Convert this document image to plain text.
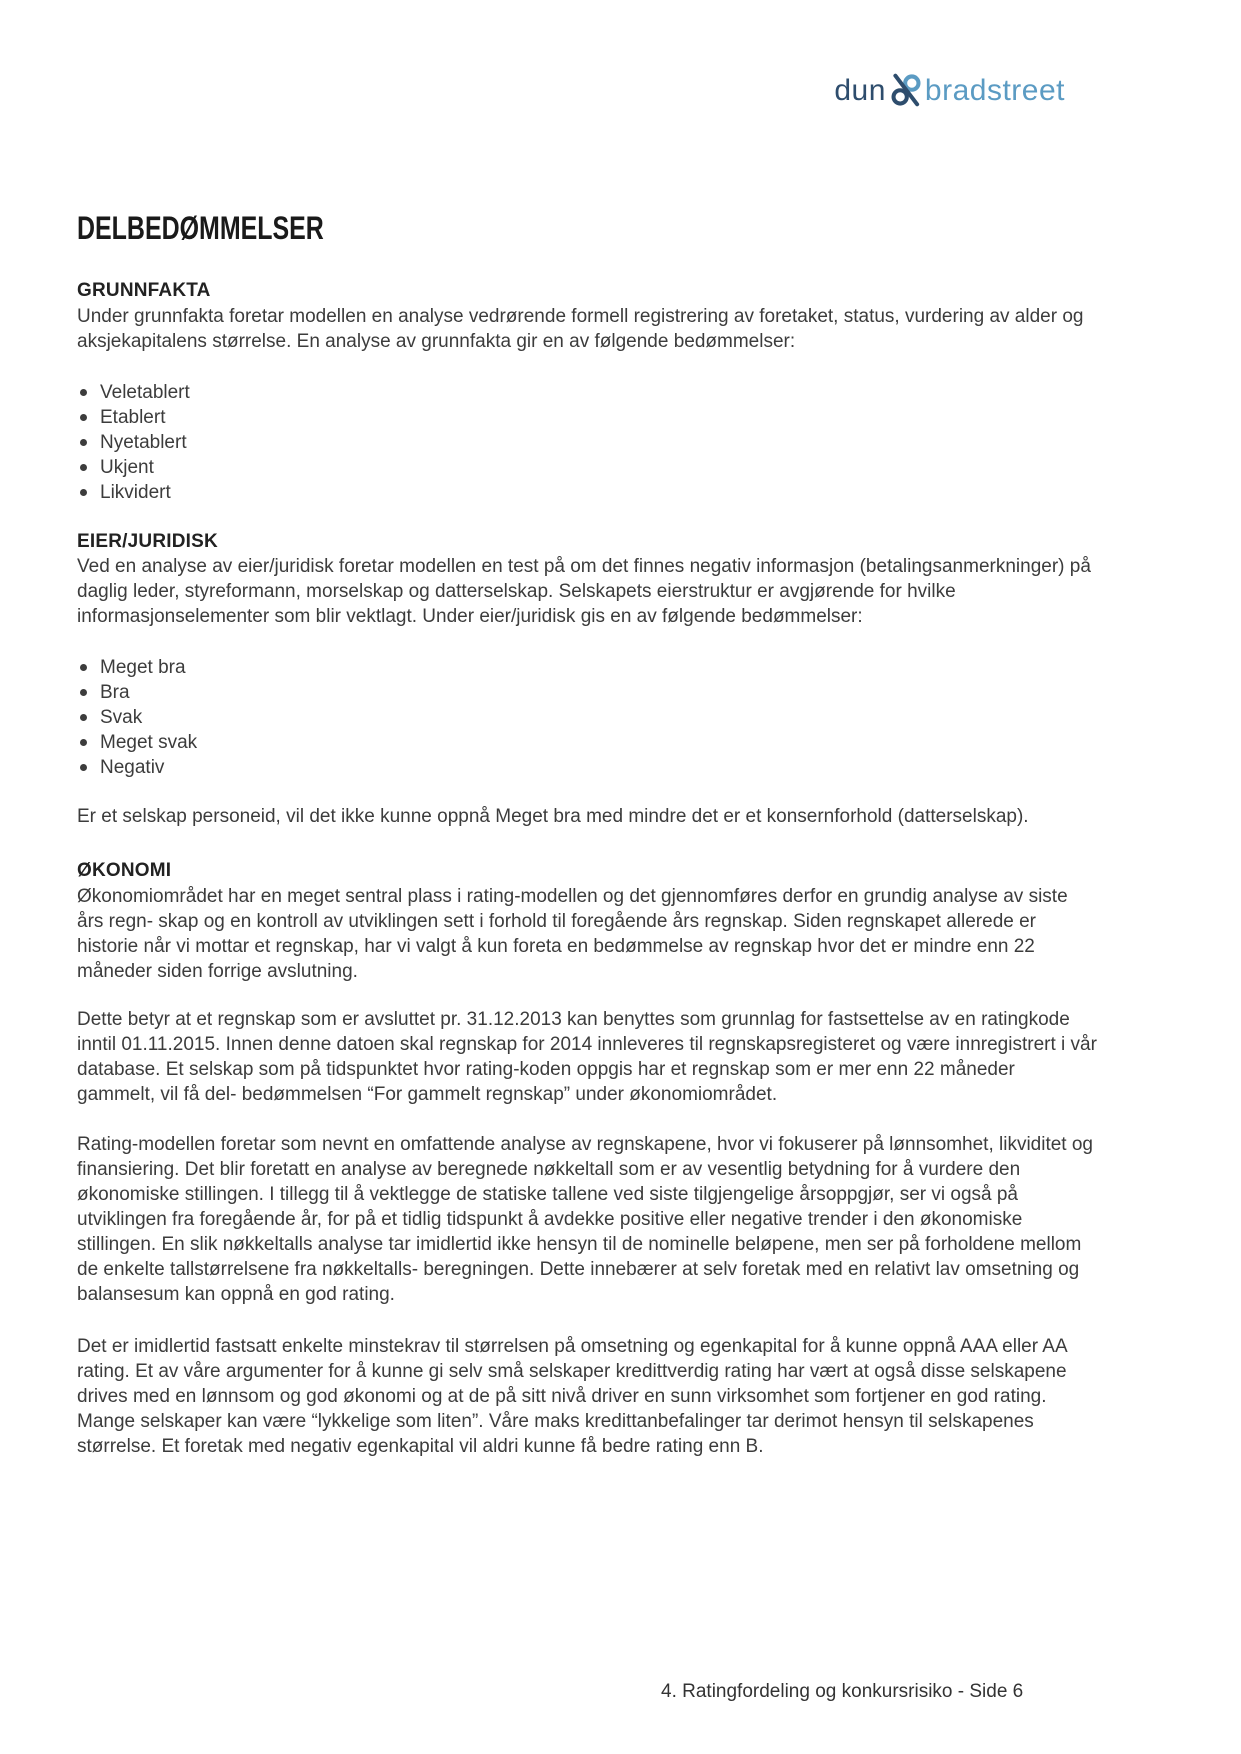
dun bradstreet
DELBEDØMMELSER
GRUNNFAKTA

Under grunnfakta foretar modellen en analyse vedrørende formell registrering av foretaket, status, vurdering av alder og aksjekapitalens størrelse. En analyse av grunnfakta gir en av følgende bedømmelser:

Veletablert
Etablert
Nyetablert
Ukjent
Likvidert
EIER/JURIDISK

Ved en analyse av eier/juridisk foretar modellen en test på om det finnes negativ informasjon (betalingsanmerkninger) på daglig leder, styreformann, morselskap og datterselskap. Selskapets eierstruktur er avgjørende for hvilke informasjonselementer som blir vektlagt. Under eier/juridisk gis en av følgende bedømmelser:

Meget bra
Bra
Svak
Meget svak
Negativ

Er et selskap personeid, vil det ikke kunne oppnå Meget bra med mindre det er et konsernforhold (datterselskap).

ØKONOMI

Økonomiområdet har en meget sentral plass i rating-modellen og det gjennomføres derfor en grundig analyse av siste års regn- skap og en kontroll av utviklingen sett i forhold til foregående års regnskap. Siden regnskapet allerede er historie når vi mottar et regnskap, har vi valgt å kun foreta en bedømmelse av regnskap hvor det er mindre enn 22 måneder siden forrige avslutning.

Dette betyr at et regnskap som er avsluttet pr. 31.12.2013 kan benyttes som grunnlag for fastsettelse av en ratingkode inntil 01.11.2015. Innen denne datoen skal regnskap for 2014 innleveres til regnskapsregisteret og være innregistrert i vår database. Et selskap som på tidspunktet hvor rating-koden oppgis har et regnskap som er mer enn 22 måneder gammelt, vil få del- bedømmelsen “For gammelt regnskap” under økonomiområdet.

Rating-modellen foretar som nevnt en omfattende analyse av regnskapene, hvor vi fokuserer på lønnsomhet, likviditet og finansiering. Det blir foretatt en analyse av beregnede nøkkeltall som er av vesentlig betydning for å vurdere den økonomiske stillingen. I tillegg til å vektlegge de statiske tallene ved siste tilgjengelige årsoppgjør, ser vi også på utviklingen fra foregående år, for på et tidlig tidspunkt å avdekke positive eller negative trender i den økonomiske stillingen. En slik nøkkeltalls analyse tar imidlertid ikke hensyn til de nominelle beløpene, men ser på forholdene mellom de enkelte tallstørrelsene fra nøkkeltalls- beregningen. Dette innebærer at selv foretak med en relativt lav omsetning og balansesum kan oppnå en god rating.

Det er imidlertid fastsatt enkelte minstekrav til størrelsen på omsetning og egenkapital for å kunne oppnå AAA eller AA rating. Et av våre argumenter for å kunne gi selv små selskaper kredittverdig rating har vært at også disse selskapene drives med en lønnsom og god økonomi og at de på sitt nivå driver en sunn virksomhet som fortjener en god rating. Mange selskaper kan være “lykkelige som liten”. Våre maks kredittanbefalinger tar derimot hensyn til selskapenes størrelse. Et foretak med negativ egenkapital vil aldri kunne få bedre rating enn B.

4. Ratingfordeling og konkursrisiko - Side 6
